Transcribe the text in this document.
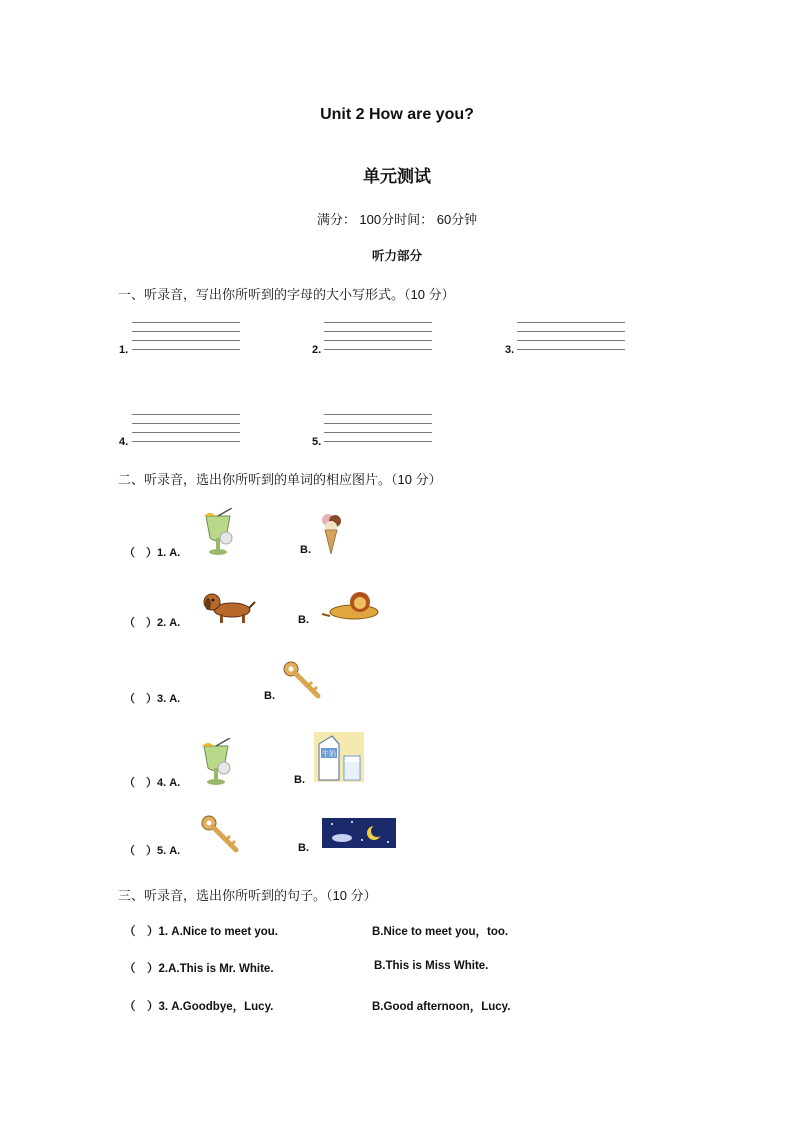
Unit 2 How are you?
单元测试
满分： 100分时间： 60分钟
听力部分
一、听录音，写出你所听到的字母的大小写形式。（10 分）
1.	2.	3.
4.	5.
二、听录音，选出你所听到的单词的相应图片。（10 分）
（　）1. A.	B.
（　）2. A.	B.
（　）3. A.	B.
（　）4. A.	B.
牛奶
（　）5. A.	B.
三、听录音，选出你所听到的句子。（10 分）
（　）1. A.Nice to meet you.	B.Nice to meet you，too.
（　）2.A.This is Mr. White.	B.This is Miss White.
（　）3. A.Goodbye，Lucy.	B.Good afternoon，Lucy.
